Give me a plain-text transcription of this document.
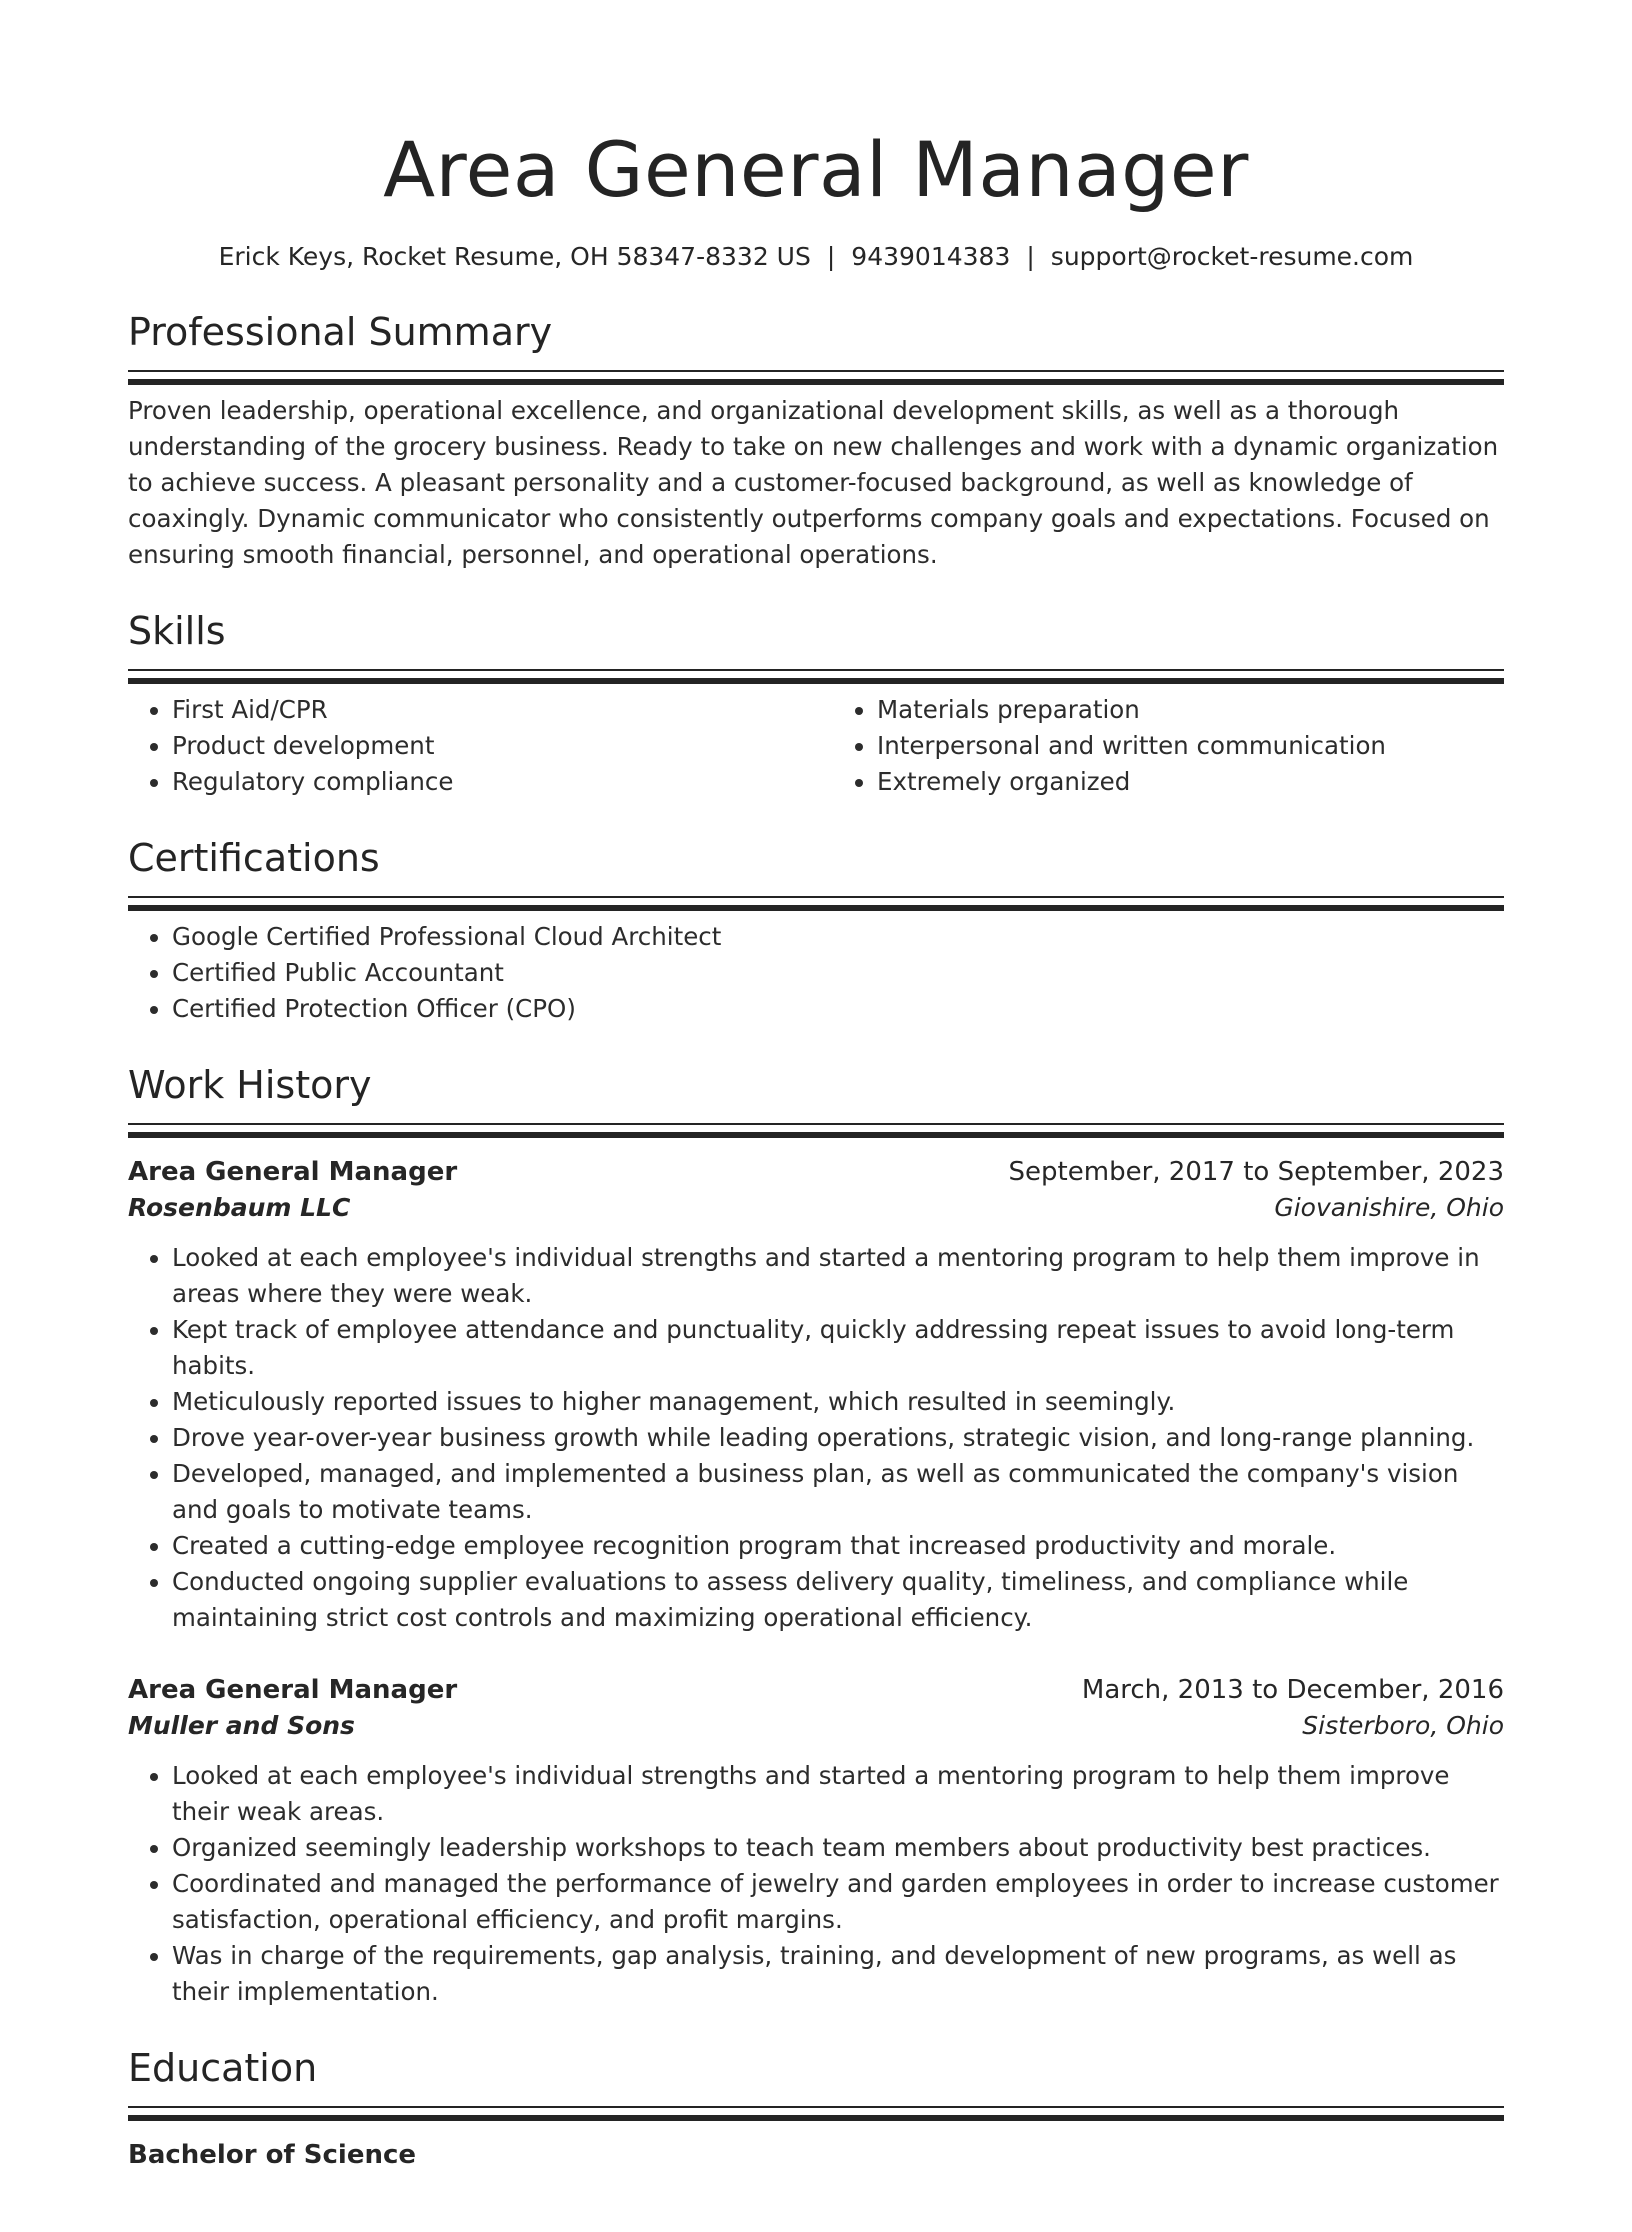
Area General Manager
Erick Keys, Rocket Resume, OH 58347-8332 US | 9439014383 | support@rocket-resume.com
Professional Summary

Proven leadership, operational excellence, and organizational development skills, as well as a thorough understanding of the grocery business. Ready to take on new challenges and work with a dynamic organization to achieve success. A pleasant personality and a customer-focused background, as well as knowledge of coaxingly. Dynamic communicator who consistently outperforms company goals and expectations. Focused on ensuring smooth financial, personnel, and operational operations.

Skills
• First Aid/CPR
• Product development
• Regulatory compliance
• Materials preparation
• Interpersonal and written communication
• Extremely organized
Certifications
• Google Certified Professional Cloud Architect
• Certified Public Accountant
• Certified Protection Officer (CPO)
Work History
Area General Manager	September, 2017 to September, 2023
Rosenbaum LLC	Giovanishire, Ohio
• Looked at each employee's individual strengths and started a mentoring program to help them improve in areas where they were weak.
• Kept track of employee attendance and punctuality, quickly addressing repeat issues to avoid long-term habits.
• Meticulously reported issues to higher management, which resulted in seemingly.
• Drove year-over-year business growth while leading operations, strategic vision, and long-range planning.
• Developed, managed, and implemented a business plan, as well as communicated the company's vision and goals to motivate teams.
• Created a cutting-edge employee recognition program that increased productivity and morale.
• Conducted ongoing supplier evaluations to assess delivery quality, timeliness, and compliance while maintaining strict cost controls and maximizing operational efficiency.
Area General Manager	March, 2013 to December, 2016
Muller and Sons	Sisterboro, Ohio
• Looked at each employee's individual strengths and started a mentoring program to help them improve their weak areas.
• Organized seemingly leadership workshops to teach team members about productivity best practices.
• Coordinated and managed the performance of jewelry and garden employees in order to increase customer satisfaction, operational efficiency, and profit margins.
• Was in charge of the requirements, gap analysis, training, and development of new programs, as well as their implementation.
Education
Bachelor of Science
